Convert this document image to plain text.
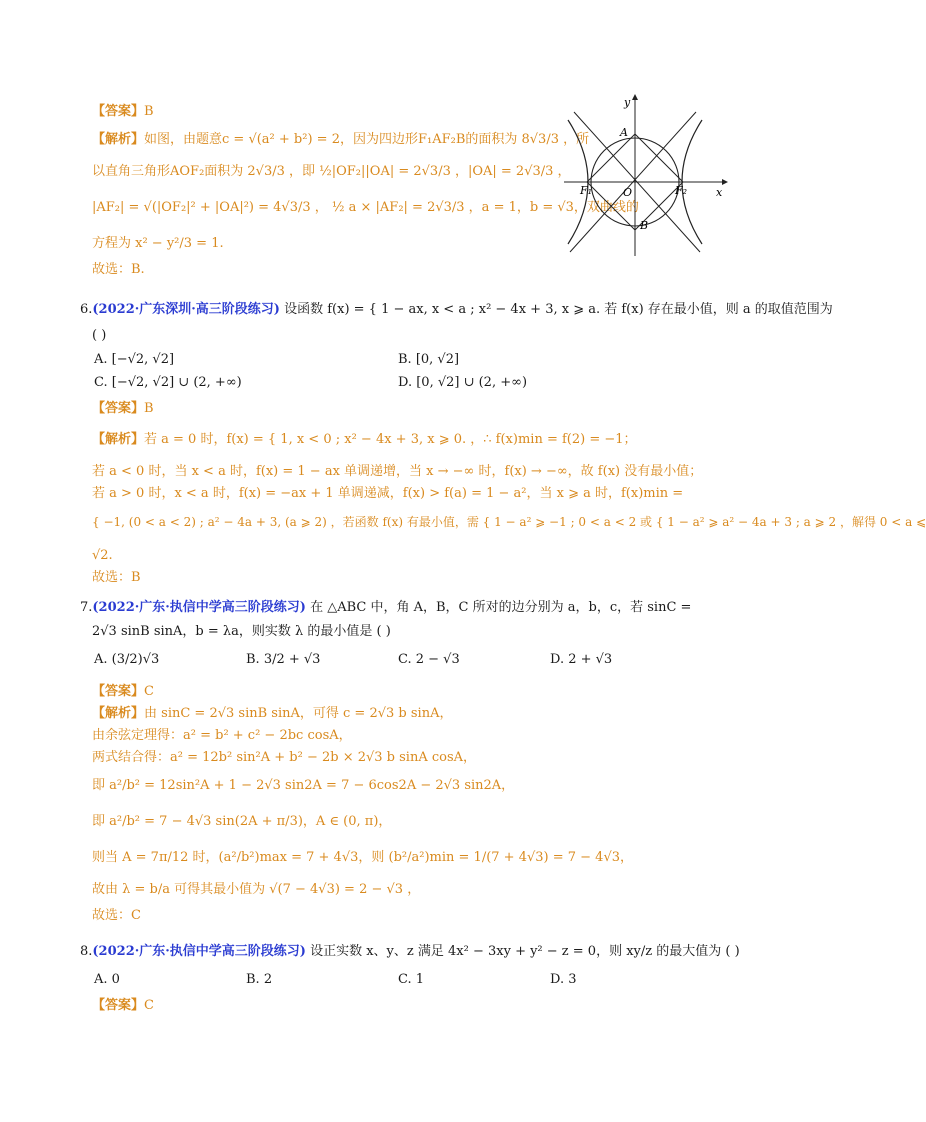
【答案】B
【解析】如图，由题意c = √(a² + b²) = 2，因为四边形F₁AF₂B的面积为 8√3/3 ，所
以直角三角形AOF₂面积为 2√3/3 ，即 ½|OF₂||OA| = 2√3/3 ，|OA| = 2√3/3 ，
|AF₂| = √(|OF₂|² + |OA|²) = 4√3/3 ， ½ a × |AF₂| = 2√3/3 ，a = 1，b = √3，双曲线的
方程为 x² − y²/3 = 1.
故选：B.
y
x
A
B
O
F₁	F₂
6.(2022·广东深圳·高三阶段练习) 设函数 f(x) = { 1 − ax, x < a ; x² − 4x + 3, x ⩾ a. 若 f(x) 存在最小值，则 a 的取值范围为
( )
A. [−√2, √2]	B. [0, √2]
C. [−√2, √2] ∪ (2, +∞)	D. [0, √2] ∪ (2, +∞)
【答案】B
【解析】若 a = 0 时，f(x) = { 1, x < 0 ; x² − 4x + 3, x ⩾ 0. ，∴ f(x)min = f(2) = −1；
若 a < 0 时，当 x < a 时，f(x) = 1 − ax 单调递增，当 x → −∞ 时，f(x) → −∞，故 f(x) 没有最小值；
若 a > 0 时，x < a 时，f(x) = −ax + 1 单调递减，f(x) > f(a) = 1 − a²，当 x ⩾ a 时，f(x)min =
{ −1, (0 < a < 2) ; a² − 4a + 3, (a ⩾ 2) ，若函数 f(x) 有最小值，需 { 1 − a² ⩾ −1 ; 0 < a < 2 或 { 1 − a² ⩾ a² − 4a + 3 ; a ⩾ 2 ，解得 0 < a ⩽
√2.
故选：B
7.(2022·广东·执信中学高三阶段练习) 在 △ABC 中，角 A，B，C 所对的边分别为 a，b，c，若 sinC =
2√3 sinB sinA，b = λa，则实数 λ 的最小值是 ( )
A. (3/2)√3	B. 3/2 + √3	C. 2 − √3	D. 2 + √3
【答案】C
【解析】由 sinC = 2√3 sinB sinA，可得 c = 2√3 b sinA，
由余弦定理得：a² = b² + c² − 2bc cosA，
两式结合得：a² = 12b² sin²A + b² − 2b × 2√3 b sinA cosA，
即 a²/b² = 12sin²A + 1 − 2√3 sin2A = 7 − 6cos2A − 2√3 sin2A，
即 a²/b² = 7 − 4√3 sin(2A + π/3)，A ∈ (0, π)，
则当 A = 7π/12 时，(a²/b²)max = 7 + 4√3，则 (b²/a²)min = 1/(7 + 4√3) = 7 − 4√3，
故由 λ = b/a 可得其最小值为 √(7 − 4√3) = 2 − √3 ，
故选：C
8.(2022·广东·执信中学高三阶段练习) 设正实数 x、y、z 满足 4x² − 3xy + y² − z = 0，则 xy/z 的最大值为 ( )
A. 0	B. 2	C. 1	D. 3
【答案】C
